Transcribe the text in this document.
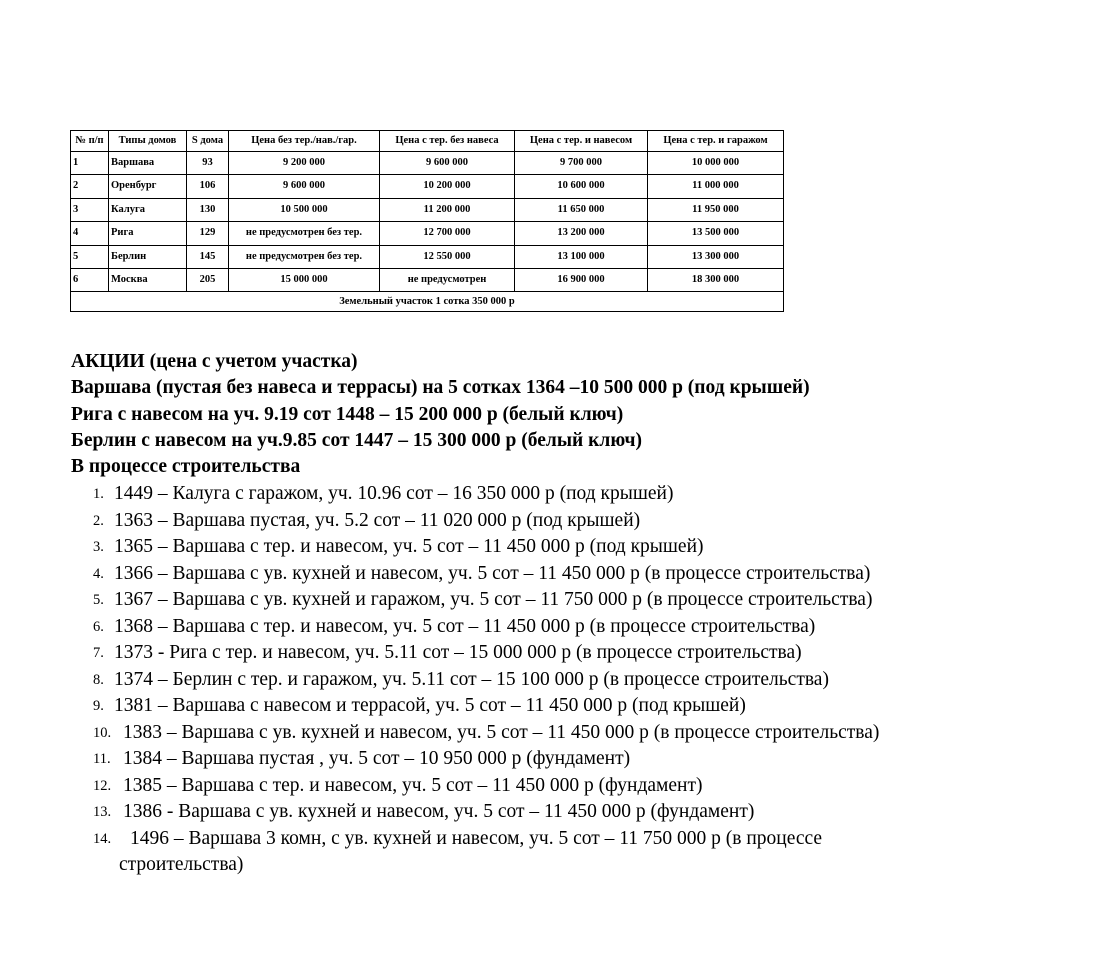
№ п/п	Типы домов	S дома	Цена без тер./нав./гар.	Цена с тер. без навеса	Цена с тер. и навесом	Цена с тер. и гаражом
1	Варшава	93	9 200 000	9 600 000	9 700 000	10 000 000
2	Оренбург	106	9 600 000	10 200 000	10 600 000	11 000 000
3	Калуга	130	10 500 000	11 200 000	11 650 000	11 950 000
4	Рига	129	не предусмотрен без тер.	12 700 000	13 200 000	13 500 000
5	Берлин	145	не предусмотрен без тер.	12 550 000	13 100 000	13 300 000
6	Москва	205	15 000 000	не предусмотрен	16 900 000	18 300 000
Земельный участок 1 сотка 350 000 р						
АКЦИИ (цена с учетом участка)
Варшава (пустая без навеса и террасы) на 5 сотках 1364 –10 500 000 р (под крышей)
Рига с навесом на уч. 9.19 сот 1448 – 15 200 000 р (белый ключ)
Берлин с навесом на уч.9.85 сот 1447 – 15 300 000 р (белый ключ)
В процессе строительства
1. 1449 – Калуга с гаражом, уч. 10.96 сот – 16 350 000 р (под крышей)
2. 1363 – Варшава пустая, уч. 5.2 сот – 11 020 000 р (под крышей)
3. 1365 – Варшава с тер. и навесом, уч. 5 сот – 11 450 000 р (под крышей)
4. 1366 – Варшава с ув. кухней и навесом, уч. 5 сот – 11 450 000 р (в процессе строительства)
5. 1367 – Варшава с ув. кухней и гаражом, уч. 5 сот – 11 750 000 р (в процессе строительства)
6. 1368 – Варшава с тер. и навесом, уч. 5 сот – 11 450 000 р (в процессе строительства)
7. 1373 - Рига с тер. и навесом, уч. 5.11 сот – 15 000 000 р (в процессе строительства)
8. 1374 – Берлин с тер. и гаражом, уч. 5.11 сот – 15 100 000 р (в процессе строительства)
9. 1381 – Варшава с навесом и террасой, уч. 5 сот – 11 450 000 р (под крышей)
10. 1383 – Варшава с ув. кухней и навесом, уч. 5 сот – 11 450 000 р (в процессе строительства)
11. 1384 – Варшава пустая , уч. 5 сот – 10 950 000 р (фундамент)
12. 1385 – Варшава с тер. и навесом, уч. 5 сот – 11 450 000 р (фундамент)
13. 1386 - Варшава с ув. кухней и навесом, уч. 5 сот – 11 450 000 р (фундамент)
14. 1496 – Варшава 3 комн, с ув. кухней и навесом, уч. 5 сот – 11 750 000 р (в процессе
строительства)
